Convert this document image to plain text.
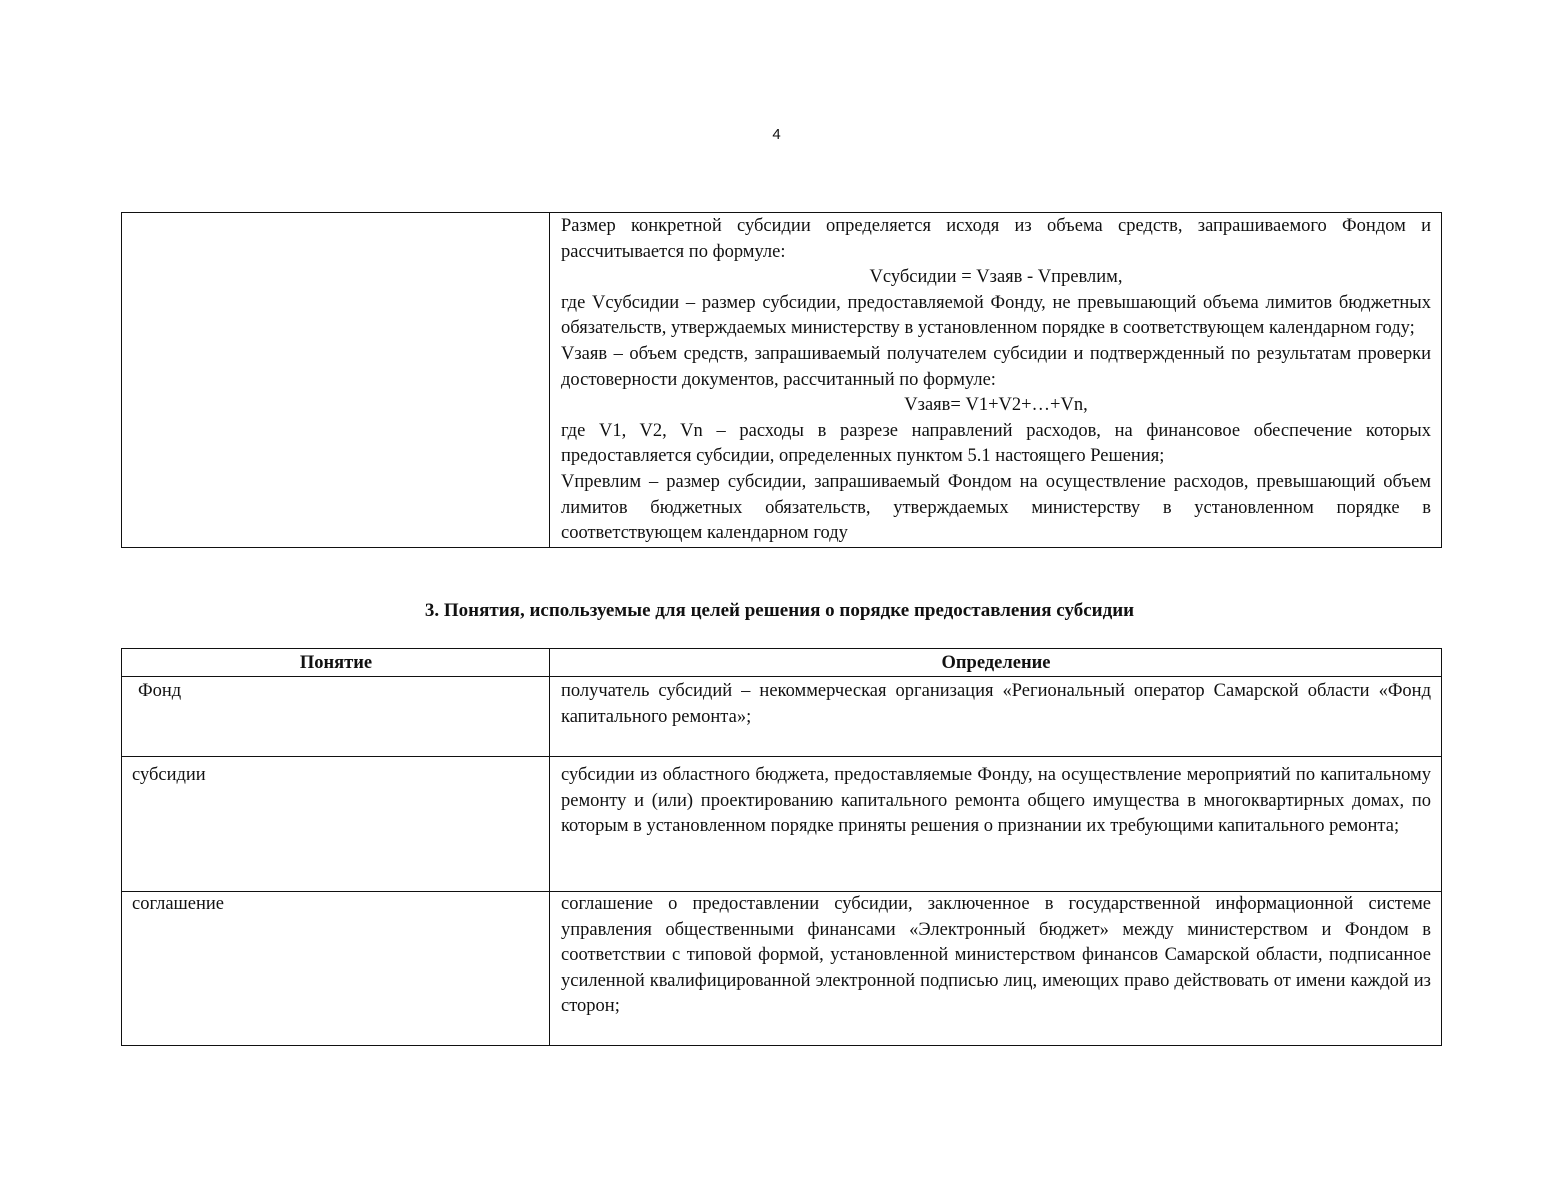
4

Размер конкретной субсидии определяется исходя из объема средств, запрашиваемого Фондом и рассчитывается по формуле:
Vсубсидии = Vзаяв - Vпревлим,
где Vсубсидии – размер субсидии, предоставляемой Фонду, не превышающий объема лимитов бюджетных обязательств, утверждаемых министерству в установленном порядке в соответствующем календарном году;
Vзаяв – объем средств, запрашиваемый получателем субсидии и подтвержденный по результатам проверки достоверности документов, рассчитанный по формуле:
Vзаяв= V1+V2+…+Vn,
где V1, V2, Vn – расходы в разрезе направлений расходов, на финансовое обеспечение которых предоставляется субсидии, определенных пунктом 5.1 настоящего Решения;
Vпревлим – размер субсидии, запрашиваемый Фондом на осуществление расходов, превышающий объем лимитов бюджетных обязательств, утверждаемых министерству в установленном порядке в соответствующем календарном году
3. Понятия, используемые для целей решения о порядке предоставления субсидии
Понятие	Определение
Фонд	получатель субсидий – некоммерческая организация «Региональный оператор Самарской области «Фонд капитального ремонта»;
субсидии	субсидии из областного бюджета, предоставляемые Фонду, на осуществление мероприятий по капитальному ремонту и (или) проектированию капитального ремонта общего имущества в многоквартирных домах, по которым в установленном порядке приняты решения о признании их требующими капитального ремонта;
соглашение	соглашение о предоставлении субсидии, заключенное в государственной информационной системе управления общественными финансами «Электронный бюджет» между министерством и Фондом в соответствии с типовой формой, установленной министерством финансов Самарской области, подписанное усиленной квалифицированной электронной подписью лиц, имеющих право действовать от имени каждой из сторон;
